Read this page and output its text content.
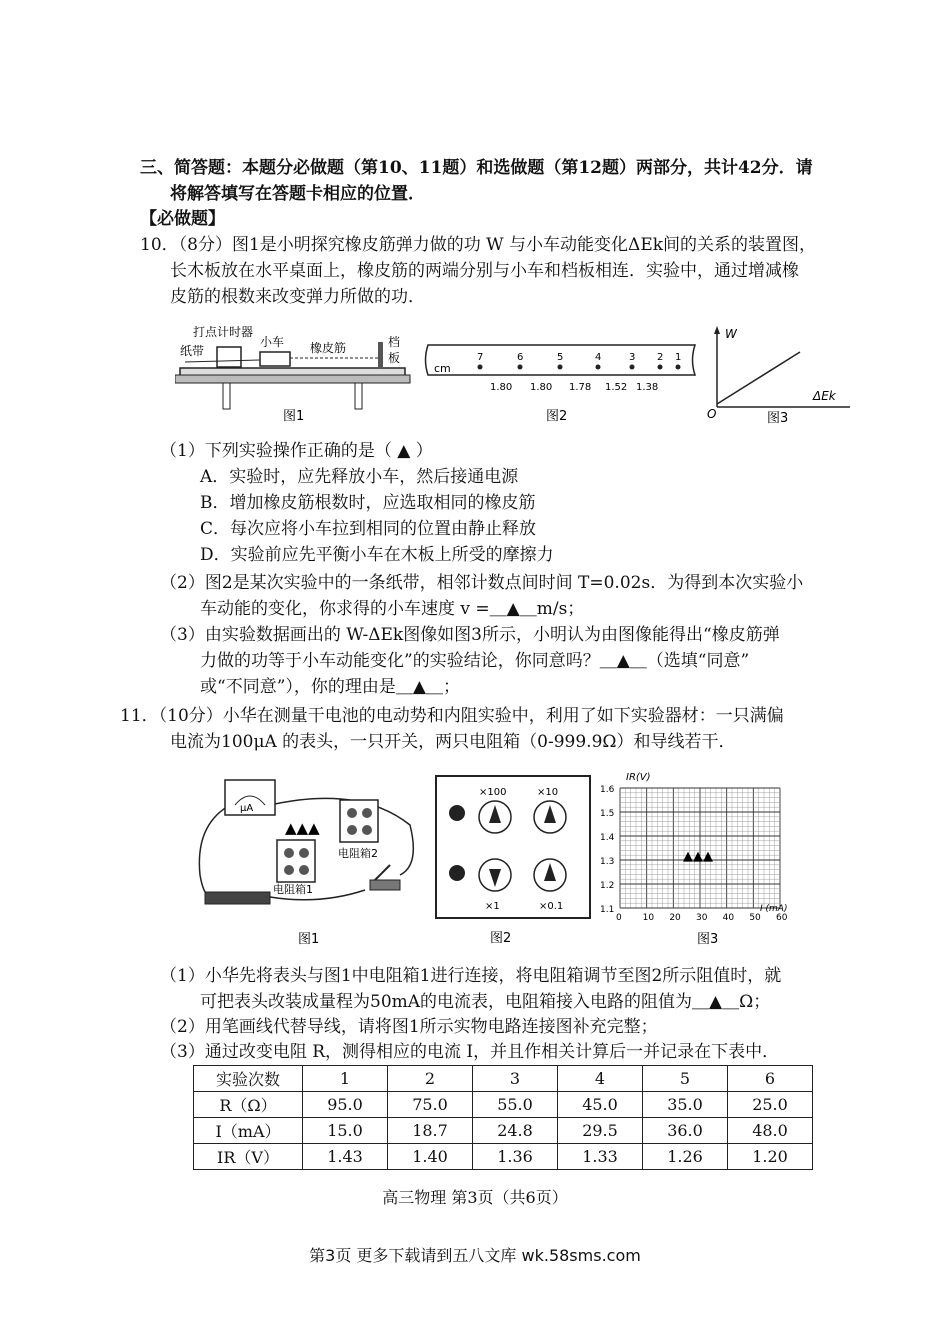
三、简答题：本题分必做题（第10、11题）和选做题（第12题）两部分，共计42分．请
将解答填写在答题卡相应的位置．
【必做题】
10．（8分）图1是小明探究橡皮筋弹力做的功 W 与小车动能变化ΔEk间的关系的装置图，
长木板放在水平桌面上，橡皮筋的两端分别与小车和档板相连．实验中，通过增减橡
皮筋的根数来改变弹力所做的功．
打点计时器
纸带
小车 橡皮筋	档
板
图1
cm
7	6	5	4	3 2 1
1.80 1.80 1.78 1.52 1.38
图2
W
ΔEk
O	图3
（1）下列实验操作正确的是（ ▲ ）
A．实验时，应先释放小车，然后接通电源
B．增加橡皮筋根数时，应选取相同的橡皮筋
C．每次应将小车拉到相同的位置由静止释放
D．实验前应先平衡小车在木板上所受的摩擦力
（2）图2是某次实验中的一条纸带，相邻计数点间时间 T=0.02s．为得到本次实验小
车动能的变化，你求得的小车速度 v =＿▲＿m/s；
（3）由实验数据画出的 W-ΔEk图像如图3所示，小明认为由图像能得出“橡皮筋弹
力做的功等于小车动能变化”的实验结论，你同意吗？＿▲＿（选填“同意”
或“不同意”），你的理由是＿▲＿；
11．（10分）小华在测量干电池的电动势和内阻实验中，利用了如下实验器材：一只满偏
电流为100μA 的表头，一只开关，两只电阻箱（0-999.9Ω）和导线若干．
μA
▲▲▲
电阻箱2
电阻箱1
图1
×100	×10
×1	×0.1
图2
1.6
1.5
1.4
1.3
1.2
1.1
0 10 20 30 40 50 60
IR(V)
I (mA)
▲▲▲
图3
（1）小华先将表头与图1中电阻箱1进行连接，将电阻箱调节至图2所示阻值时，就
可把表头改装成量程为50mA的电流表，电阻箱接入电路的阻值为＿▲＿Ω；
（2）用笔画线代替导线，请将图1所示实物电路连接图补充完整；
（3）通过改变电阻 R，测得相应的电流 I，并且作相关计算后一并记录在下表中．
实验次数	1	2	3	4	5	6
R（Ω）	95.0	75.0	55.0	45.0	35.0	25.0
I（mA）	15.0	18.7	24.8	29.5	36.0	48.0
IR（V）	1.43	1.40	1.36	1.33	1.26	1.20
高三物理 第3页（共6页）
第3页 更多下载请到五八文库 wk.58sms.com
